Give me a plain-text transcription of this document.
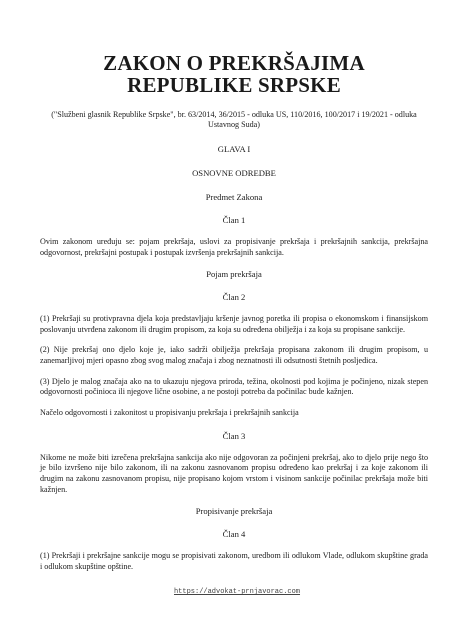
ZAKON O PREKRŠAJIMA
REPUBLIKE SRPSKE

("Službeni glasnik Republike Srpske", br. 63/2014, 36/2015 - odluka US, 110/2016, 100/2017 i 19/2021 - odluka Ustavnog Suda)

GLAVA I

OSNOVNE ODREDBE

Predmet Zakona

Član 1

Ovim zakonom uređuju se: pojam prekršaja, uslovi za propisivanje prekršaja i prekršajnih sankcija, prekršajna odgovornost, prekršajni postupak i postupak izvršenja prekršajnih sankcija.

Pojam prekršaja

Član 2

(1) Prekršaji su protivpravna djela koja predstavljaju kršenje javnog poretka ili propisa o ekonomskom i finansijskom poslovanju utvrđena zakonom ili drugim propisom, za koja su određena obilježja i za koja su propisane sankcije.

(2) Nije prekršaj ono djelo koje je, iako sadrži obilježja prekršaja propisana zakonom ili drugim propisom, u zanemarljivoj mjeri opasno zbog svog malog značaja i zbog neznatnosti ili odsutnosti štetnih posljedica.

(3) Djelo je malog značaja ako na to ukazuju njegova priroda, težina, okolnosti pod kojima je počinjeno, nizak stepen odgovornosti počinioca ili njegove lične osobine, a ne postoji potreba da počinilac bude kažnjen.

Načelo odgovornosti i zakonitost u propisivanju prekršaja i prekršajnih sankcija

Član 3

Nikome ne može biti izrečena prekršajna sankcija ako nije odgovoran za počinjeni prekršaj, ako to djelo prije nego što je bilo izvršeno nije bilo zakonom, ili na zakonu zasnovanom propisu određeno kao prekršaj i za koje zakonom ili drugim na zakonu zasnovanom propisu, nije propisano kojom vrstom i visinom sankcije počinilac prekršaja može biti kažnjen.

Propisivanje prekršaja

Član 4

(1) Prekršaji i prekršajne sankcije mogu se propisivati zakonom, uredbom ili odlukom Vlade, odlukom skupštine grada i odlukom skupštine opštine.

https://advokat-prnjavorac.com
